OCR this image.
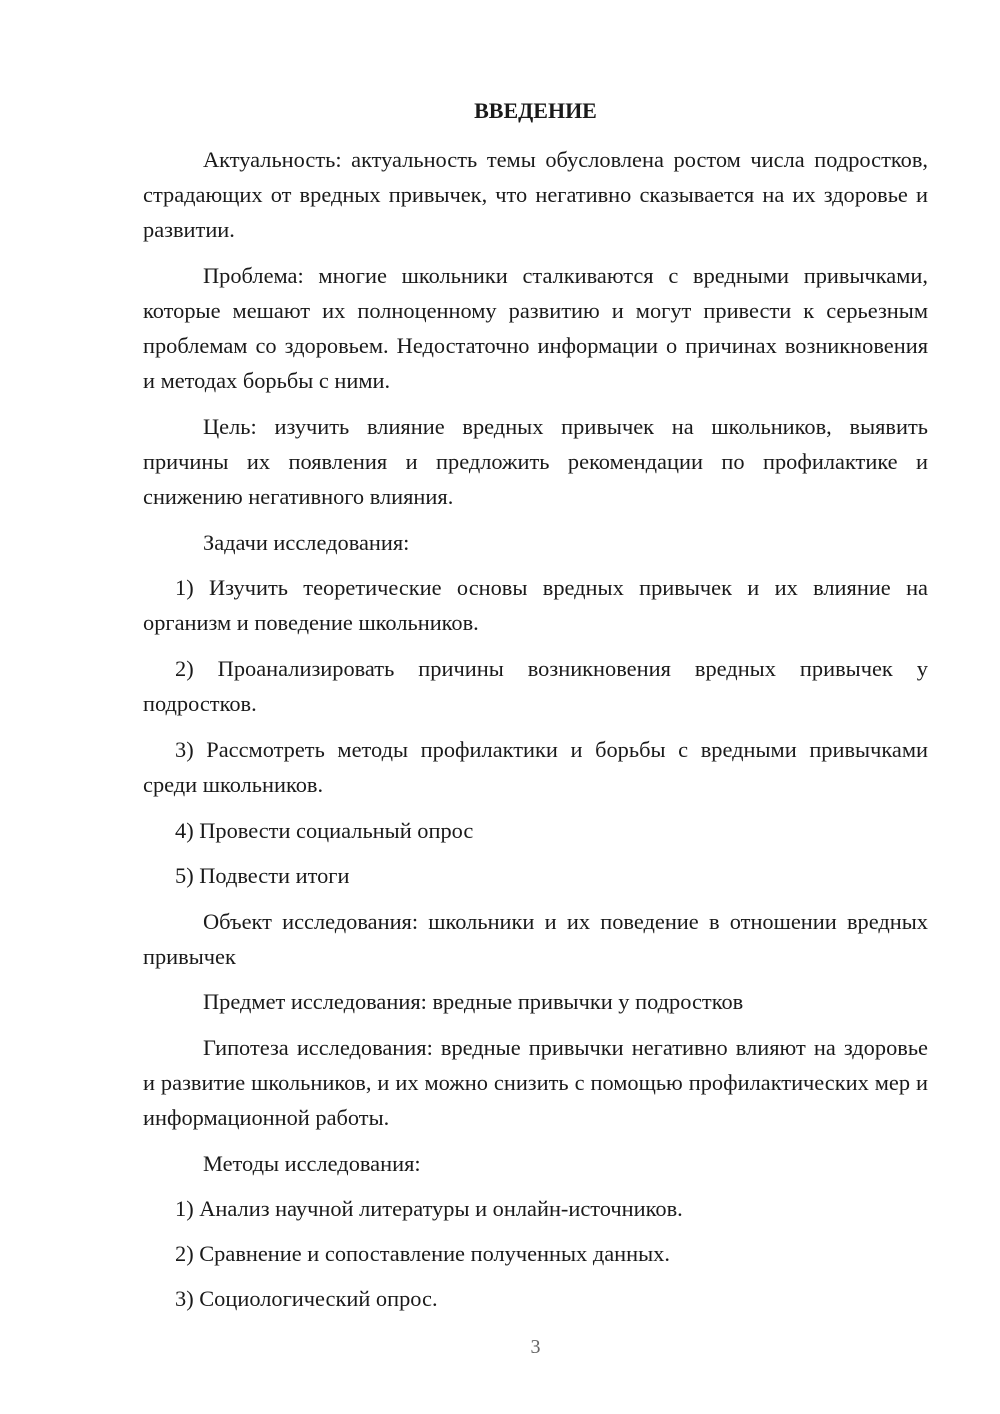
ВВЕДЕНИЕ

Актуальность: актуальность темы обусловлена ростом числа подростков, страдающих от вредных привычек, что негативно сказывается на их здоровье и развитии.

Проблема: многие школьники сталкиваются с вредными привычками, которые мешают их полноценному развитию и могут привести к серьезным проблемам со здоровьем. Недостаточно информации о причинах возникновения и методах борьбы с ними.

Цель: изучить влияние вредных привычек на школьников, выявить причины их появления и предложить рекомендации по профилактике и снижению негативного влияния.

Задачи исследования:

1) Изучить теоретические основы вредных привычек и их влияние на организм и поведение школьников.

2) Проанализировать причины возникновения вредных привычек у подростков.

3) Рассмотреть методы профилактики и борьбы с вредными привычками среди школьников.

4) Провести социальный опрос

5) Подвести итоги

Объект исследования: школьники и их поведение в отношении вредных привычек

Предмет исследования: вредные привычки у подростков

Гипотеза исследования: вредные привычки негативно влияют на здоровье и развитие школьников, и их можно снизить с помощью профилактических мер и информационной работы.

Методы исследования:

1) Анализ научной литературы и онлайн-источников.

2) Сравнение и сопоставление полученных данных.

3) Социологический опрос.

3
